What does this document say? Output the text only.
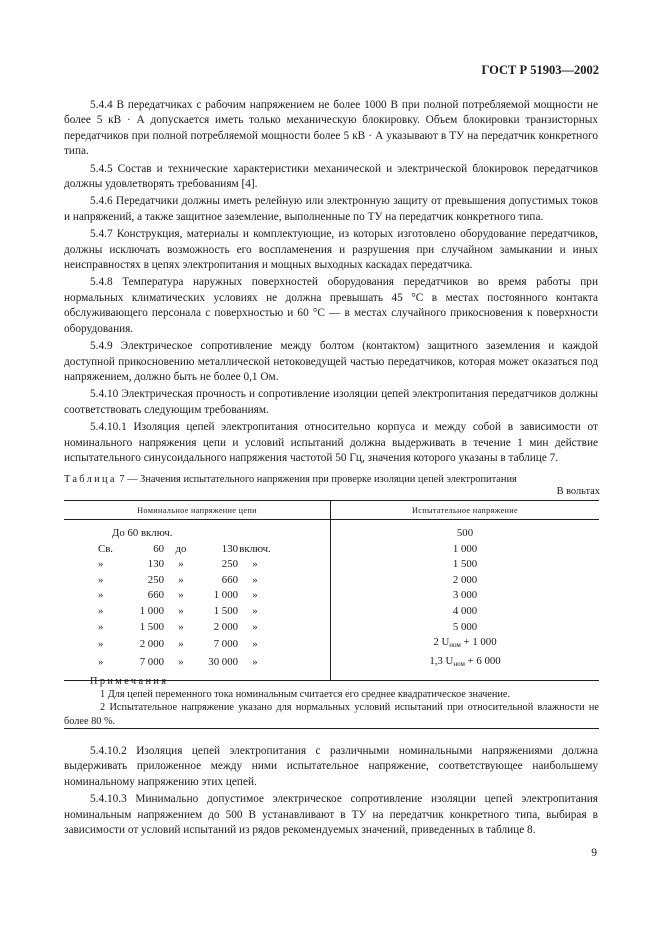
ГОСТ Р 51903—2002

5.4.4 В передатчиках с рабочим напряжением не более 1000 В при полной потребляемой мощности не более 5 кВ · А допускается иметь только механическую блокировку. Объем блокировки транзисторных передатчиков при полной потребляемой мощности более 5 кВ · А указывают в ТУ на передатчик конкретного типа.

5.4.5 Состав и технические характеристики механической и электрической блокировок передатчиков должны удовлетворять требованиям [4].

5.4.6 Передатчики должны иметь релейную или электронную защиту от превышения допустимых токов и напряжений, а также защитное заземление, выполненные по ТУ на передатчик конкретного типа.

5.4.7 Конструкция, материалы и комплектующие, из которых изготовлено оборудование передатчиков, должны исключать возможность его воспламенения и разрушения при случайном замыкании и иных неисправностях в цепях электропитания и мощных выходных каскадах передатчика.

5.4.8 Температура наружных поверхностей оборудования передатчиков во время работы при нормальных климатических условиях не должна превышать 45 °С в местах постоянного контакта обслуживающего персонала с поверхностью и 60 °С — в местах случайного прикосновения к поверхности оборудования.

5.4.9 Электрическое сопротивление между болтом (контактом) защитного заземления и каждой доступной прикосновению металлической нетоковедущей частью передатчиков, которая может оказаться под напряжением, должно быть не более 0,1 Ом.

5.4.10 Электрическая прочность и сопротивление изоляции цепей электропитания передатчиков должны соответствовать следующим требованиям.

5.4.10.1 Изоляция цепей электропитания относительно корпуса и между собой в зависимости от номинального напряжения цепи и условий испытаний должна выдерживать в течение 1 мин действие испытательного синусоидального напряжения частотой 50 Гц, значения которого указаны в таблице 7.

Таблица 7 — Значения испытательного напряжения при проверке изоляции цепей электропитания
В вольтах
Номинальное напряжение цепи	Испытательное напряжение
До 60 включ.	500

Св. 60 до 130 включ.	1 000

» 130 » 250 »	1 500

» 250 » 660 »	2 000

» 660 » 1 000 »	3 000

» 1 000 » 1 500 »	4 000

» 1 500 » 2 000 »	5 000

» 2 000 » 7 000 »	2 $U_{ном} + 1$ 000

» 7 000 » 30 000 »	1,3 $U_{ном} + 6$ 000

Примечания

1 Для цепей переменного тока номинальным считается его среднее квадратическое значение.

2 Испытательное напряжение указано для нормальных условий испытаний при относительной влажности не более 80 %.

5.4.10.2 Изоляция цепей электропитания с различными номинальными напряжениями должна выдерживать приложенное между ними испытательное напряжение, соответствующее наибольшему номинальному напряжению этих цепей.

5.4.10.3 Минимально допустимое электрическое сопротивление изоляции цепей электропитания номинальным напряжением до 500 В устанавливают в ТУ на передатчик конкретного типа, выбирая в зависимости от условий испытаний из рядов рекомендуемых значений, приведенных в таблице 8.

9
